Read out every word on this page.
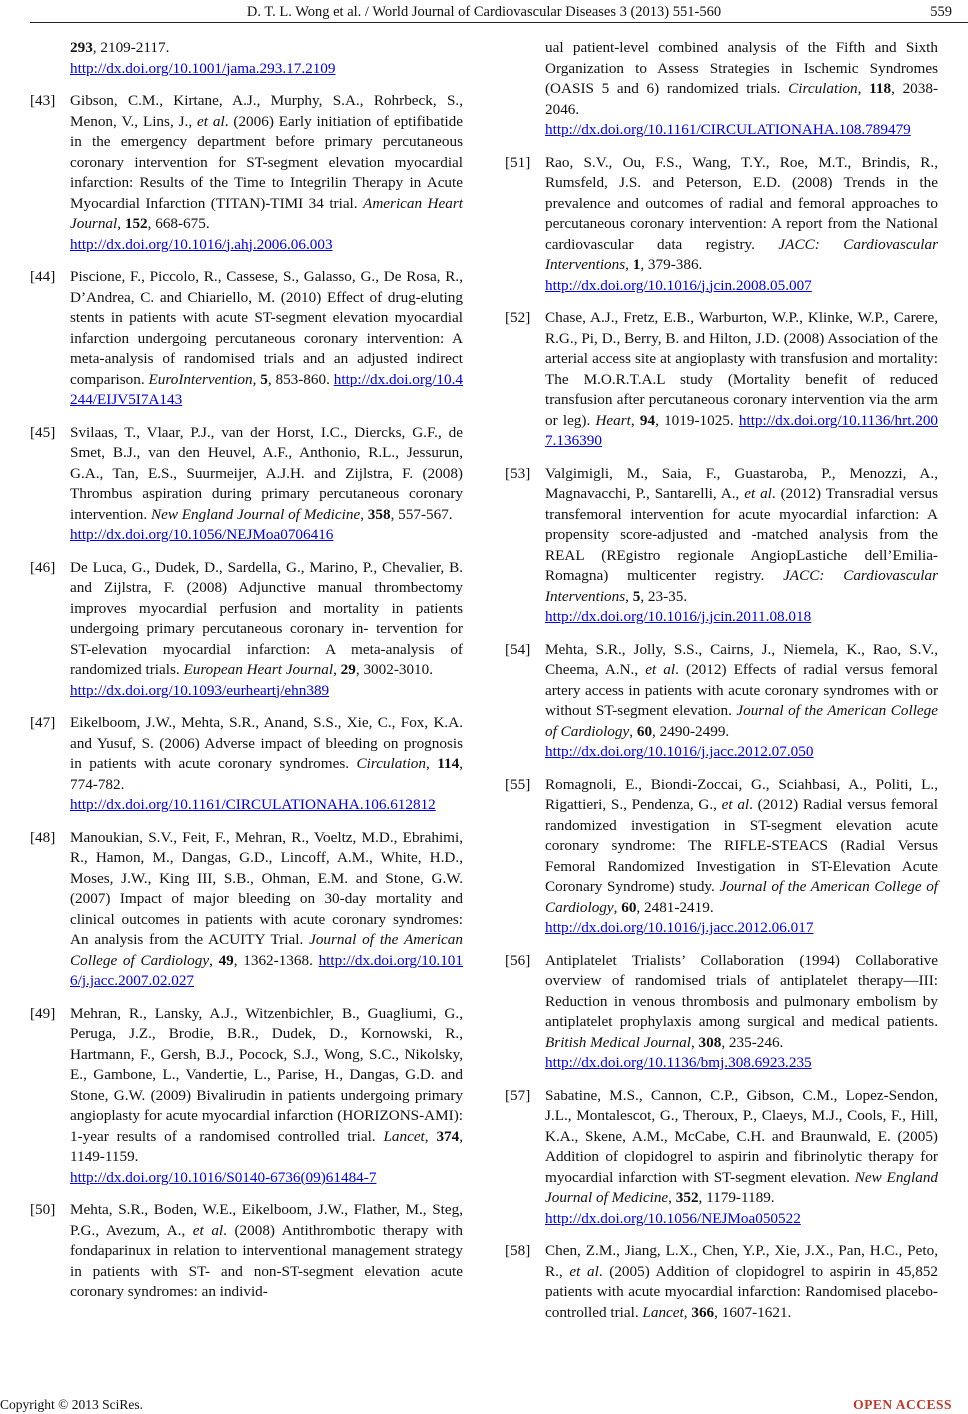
D. T. L. Wong et al. / World Journal of Cardiovascular Diseases 3 (2013) 551-560	559
293, 2109-2117.
http://dx.doi.org/10.1001/jama.293.17.2109
[43] Gibson, C.M., Kirtane, A.J., Murphy, S.A., Rohrbeck, S., Menon, V., Lins, J., et al. (2006) Early initiation of eptifibatide in the emergency department before primary percutaneous coronary intervention for ST-segment elevation myocardial infarction: Results of the Time to Integrilin Therapy in Acute Myocardial Infarction (TITAN)-TIMI 34 trial. American Heart Journal, 152, 668-675.
http://dx.doi.org/10.1016/j.ahj.2006.06.003
[44] Piscione, F., Piccolo, R., Cassese, S., Galasso, G., De Rosa, R., D’Andrea, C. and Chiariello, M. (2010) Effect of drug-eluting stents in patients with acute ST-segment elevation myocardial infarction undergoing percutaneous coronary intervention: A meta-analysis of randomised trials and an adjusted indirect comparison. EuroIntervention, 5, 853-860. http://dx.doi.org/10.4244/EIJV5I7A143
[45] Svilaas, T., Vlaar, P.J., van der Horst, I.C., Diercks, G.F., de Smet, B.J., van den Heuvel, A.F., Anthonio, R.L., Jessurun, G.A., Tan, E.S., Suurmeijer, A.J.H. and Zijlstra, F. (2008) Thrombus aspiration during primary percutaneous coronary intervention. New England Journal of Medicine, 358, 557-567.
http://dx.doi.org/10.1056/NEJMoa0706416
[46] De Luca, G., Dudek, D., Sardella, G., Marino, P., Chevalier, B. and Zijlstra, F. (2008) Adjunctive manual thrombectomy improves myocardial perfusion and mortality in patients undergoing primary percutaneous coronary in- tervention for ST-elevation myocardial infarction: A meta-analysis of randomized trials. European Heart Journal, 29, 3002-3010.
http://dx.doi.org/10.1093/eurheartj/ehn389
[47] Eikelboom, J.W., Mehta, S.R., Anand, S.S., Xie, C., Fox, K.A. and Yusuf, S. (2006) Adverse impact of bleeding on prognosis in patients with acute coronary syndromes. Circulation, 114, 774-782.
http://dx.doi.org/10.1161/CIRCULATIONAHA.106.612812
[48] Manoukian, S.V., Feit, F., Mehran, R., Voeltz, M.D., Ebrahimi, R., Hamon, M., Dangas, G.D., Lincoff, A.M., White, H.D., Moses, J.W., King III, S.B., Ohman, E.M. and Stone, G.W. (2007) Impact of major bleeding on 30-day mortality and clinical outcomes in patients with acute coronary syndromes: An analysis from the ACUITY Trial. Journal of the American College of Cardiology, 49, 1362-1368. http://dx.doi.org/10.1016/j.jacc.2007.02.027
[49] Mehran, R., Lansky, A.J., Witzenbichler, B., Guagliumi, G., Peruga, J.Z., Brodie, B.R., Dudek, D., Kornowski, R., Hartmann, F., Gersh, B.J., Pocock, S.J., Wong, S.C., Nikolsky, E., Gambone, L., Vandertie, L., Parise, H., Dangas, G.D. and Stone, G.W. (2009) Bivalirudin in patients undergoing primary angioplasty for acute myocardial infarction (HORIZONS-AMI): 1-year results of a randomised controlled trial. Lancet, 374, 1149-1159.
http://dx.doi.org/10.1016/S0140-6736(09)61484-7
[50] Mehta, S.R., Boden, W.E., Eikelboom, J.W., Flather, M., Steg, P.G., Avezum, A., et al. (2008) Antithrombotic therapy with fondaparinux in relation to interventional management strategy in patients with ST- and non-ST-segment elevation acute coronary syndromes: an individ-
ual patient-level combined analysis of the Fifth and Sixth Organization to Assess Strategies in Ischemic Syndromes (OASIS 5 and 6) randomized trials. Circulation, 118, 2038-2046.
http://dx.doi.org/10.1161/CIRCULATIONAHA.108.789479
[51] Rao, S.V., Ou, F.S., Wang, T.Y., Roe, M.T., Brindis, R., Rumsfeld, J.S. and Peterson, E.D. (2008) Trends in the prevalence and outcomes of radial and femoral approaches to percutaneous coronary intervention: A report from the National cardiovascular data registry. JACC: Cardiovascular Interventions, 1, 379-386.
http://dx.doi.org/10.1016/j.jcin.2008.05.007
[52] Chase, A.J., Fretz, E.B., Warburton, W.P., Klinke, W.P., Carere, R.G., Pi, D., Berry, B. and Hilton, J.D. (2008) Association of the arterial access site at angioplasty with transfusion and mortality: The M.O.R.T.A.L study (Mortality benefit of reduced transfusion after percutaneous coronary intervention via the arm or leg). Heart, 94, 1019-1025. http://dx.doi.org/10.1136/hrt.2007.136390
[53] Valgimigli, M., Saia, F., Guastaroba, P., Menozzi, A., Magnavacchi, P., Santarelli, A., et al. (2012) Transradial versus transfemoral intervention for acute myocardial infarction: A propensity score-adjusted and -matched analysis from the REAL (REgistro regionale AngiopLastiche dell’Emilia-Romagna) multicenter registry. JACC: Cardiovascular Interventions, 5, 23-35.
http://dx.doi.org/10.1016/j.jcin.2011.08.018
[54] Mehta, S.R., Jolly, S.S., Cairns, J., Niemela, K., Rao, S.V., Cheema, A.N., et al. (2012) Effects of radial versus femoral artery access in patients with acute coronary syndromes with or without ST-segment elevation. Journal of the American College of Cardiology, 60, 2490-2499.
http://dx.doi.org/10.1016/j.jacc.2012.07.050
[55] Romagnoli, E., Biondi-Zoccai, G., Sciahbasi, A., Politi, L., Rigattieri, S., Pendenza, G., et al. (2012) Radial versus femoral randomized investigation in ST-segment elevation acute coronary syndrome: The RIFLE-STEACS (Radial Versus Femoral Randomized Investigation in ST-Elevation Acute Coronary Syndrome) study. Journal of the American College of Cardiology, 60, 2481-2419.
http://dx.doi.org/10.1016/j.jacc.2012.06.017
[56] Antiplatelet Trialists’ Collaboration (1994) Collaborative overview of randomised trials of antiplatelet therapy—III: Reduction in venous thrombosis and pulmonary embolism by antiplatelet prophylaxis among surgical and medical patients. British Medical Journal, 308, 235-246.
http://dx.doi.org/10.1136/bmj.308.6923.235
[57] Sabatine, M.S., Cannon, C.P., Gibson, C.M., Lopez-Sendon, J.L., Montalescot, G., Theroux, P., Claeys, M.J., Cools, F., Hill, K.A., Skene, A.M., McCabe, C.H. and Braunwald, E. (2005) Addition of clopidogrel to aspirin and fibrinolytic therapy for myocardial infarction with ST-segment elevation. New England Journal of Medicine, 352, 1179-1189.
http://dx.doi.org/10.1056/NEJMoa050522
[58] Chen, Z.M., Jiang, L.X., Chen, Y.P., Xie, J.X., Pan, H.C., Peto, R., et al. (2005) Addition of clopidogrel to aspirin in 45,852 patients with acute myocardial infarction: Randomised placebo-controlled trial. Lancet, 366, 1607-1621.
Copyright © 2013 SciRes.	OPEN ACCESS
